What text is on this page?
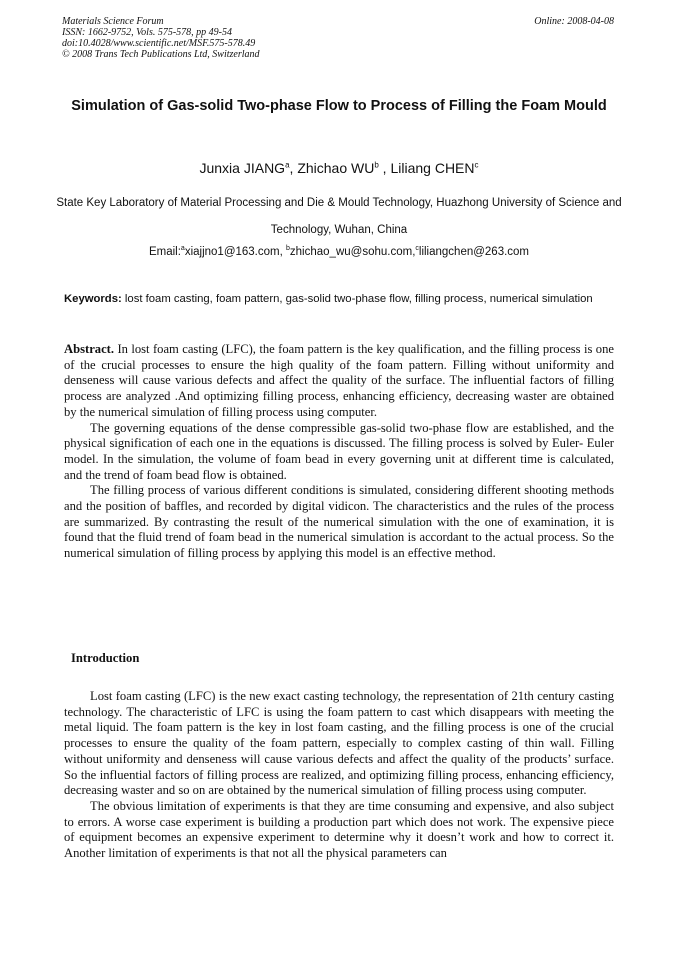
Materials Science Forum
ISSN: 1662-9752, Vols. 575-578, pp 49-54
doi:10.4028/www.scientific.net/MSF.575-578.49
© 2008 Trans Tech Publications Ltd, Switzerland
Online: 2008-04-08
Simulation of Gas-solid Two-phase Flow to Process of Filling the Foam Mould
Junxia JIANG$^a$, Zhichao $WU^b$ , Liliang CHEN$^c$
State Key Laboratory of Material Processing and Die & Mould Technology, Huazhong University of Science and Technology, Wuhan, China
Email:$^a$xiajjno1@163.com, $^b$zhichao_wu@sohu.com,$^c$liliangchen@263.com
Keywords: lost foam casting, foam pattern, gas-solid two-phase flow, filling process, numerical simulation

Abstract. In lost foam casting (LFC), the foam pattern is the key qualification, and the filling process is one of the crucial processes to ensure the high quality of the foam pattern. Filling without uniformity and denseness will cause various defects and affect the quality of the surface. The influential factors of filling process are analyzed .And optimizing filling process, enhancing efficiency, decreasing waster are obtained by the numerical simulation of filling process using computer.

The governing equations of the dense compressible gas-solid two-phase flow are established, and the physical signification of each one in the equations is discussed. The filling process is solved by Euler- Euler model. In the simulation, the volume of foam bead in every governing unit at different time is calculated, and the trend of foam bead flow is obtained.

The filling process of various different conditions is simulated, considering different shooting methods and the position of baffles, and recorded by digital vidicon. The characteristics and the rules of the process are summarized. By contrasting the result of the numerical simulation with the one of examination, it is found that the fluid trend of foam bead in the numerical simulation is accordant to the actual process. So the numerical simulation of filling process by applying this model is an effective method.

Introduction

Lost foam casting (LFC) is the new exact casting technology, the representation of 21th century casting technology. The characteristic of LFC is using the foam pattern to cast which disappears with meeting the metal liquid. The foam pattern is the key in lost foam casting, and the filling process is one of the crucial processes to ensure the quality of the foam pattern, especially to complex casting of thin wall. Filling without uniformity and denseness will cause various defects and affect the quality of the products’ surface. So the influential factors of filling process are realized, and optimizing filling process, enhancing efficiency, decreasing waster and so on are obtained by the numerical simulation of filling process using computer.

The obvious limitation of experiments is that they are time consuming and expensive, and also subject to errors. A worse case experiment is building a production part which does not work. The expensive piece of equipment becomes an expensive experiment to determine why it doesn’t work and how to correct it. Another limitation of experiments is that not all the physical parameters can
